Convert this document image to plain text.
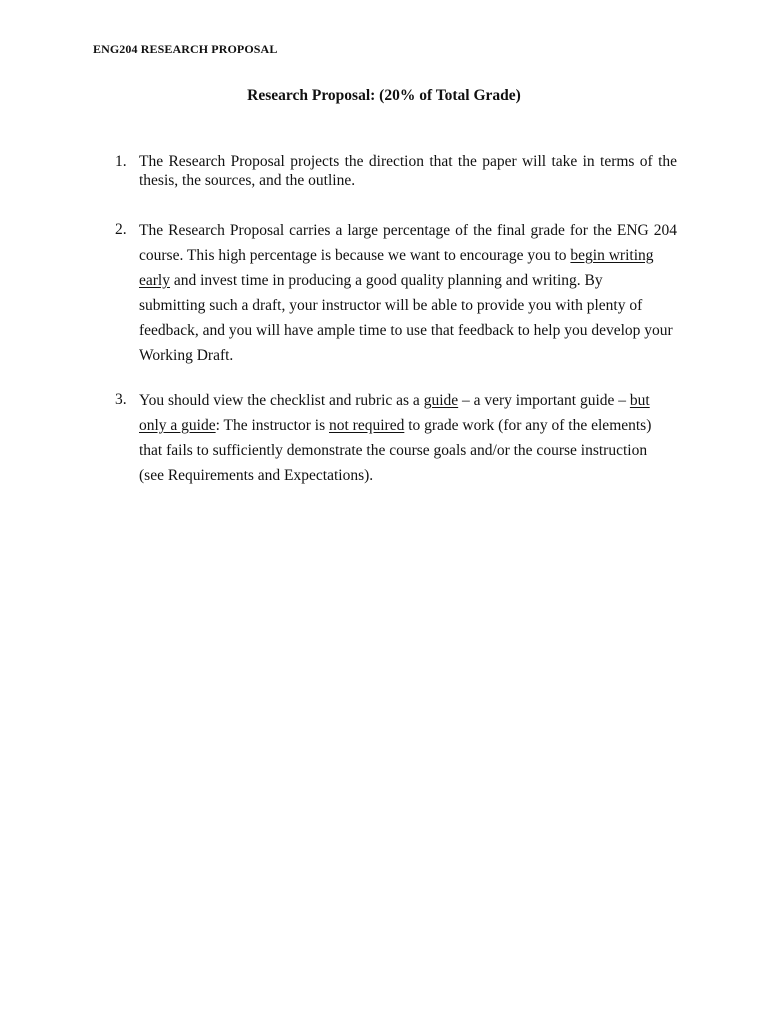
ENG204 RESEARCH PROPOSAL
Research Proposal: (20% of Total Grade)
1. The Research Proposal projects the direction that the paper will take in terms of the
thesis, the sources, and the outline.
2. The Research Proposal carries a large percentage of the final grade for the ENG 204
course. This high percentage is because we want to encourage you to begin writing
early and invest time in producing a good quality planning and writing. By
submitting such a draft, your instructor will be able to provide you with plenty of
feedback, and you will have ample time to use that feedback to help you develop your
Working Draft.
3. You should view the checklist and rubric as a guide – a very important guide – but
only a guide: The instructor is not required to grade work (for any of the elements)
that fails to sufficiently demonstrate the course goals and/or the course instruction
(see Requirements and Expectations).
